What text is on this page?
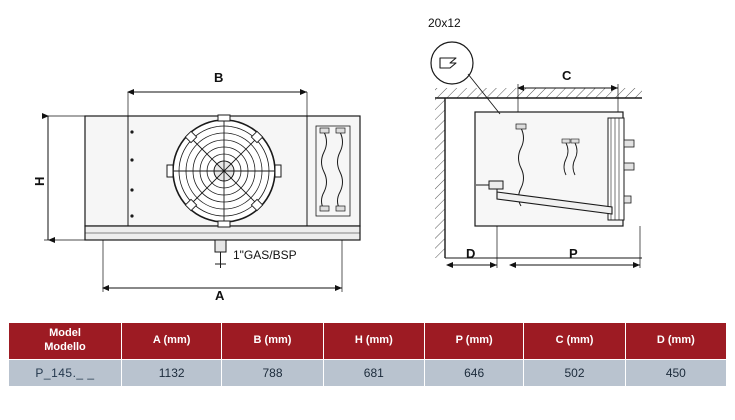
B
A
H
1"GAS/BSP
20x12
C
D	P
Model
Modello	A (mm)	B (mm)	H (mm)	P (mm)	C (mm)	D (mm)
P_145._ _	1132	788	681	646	502	450
